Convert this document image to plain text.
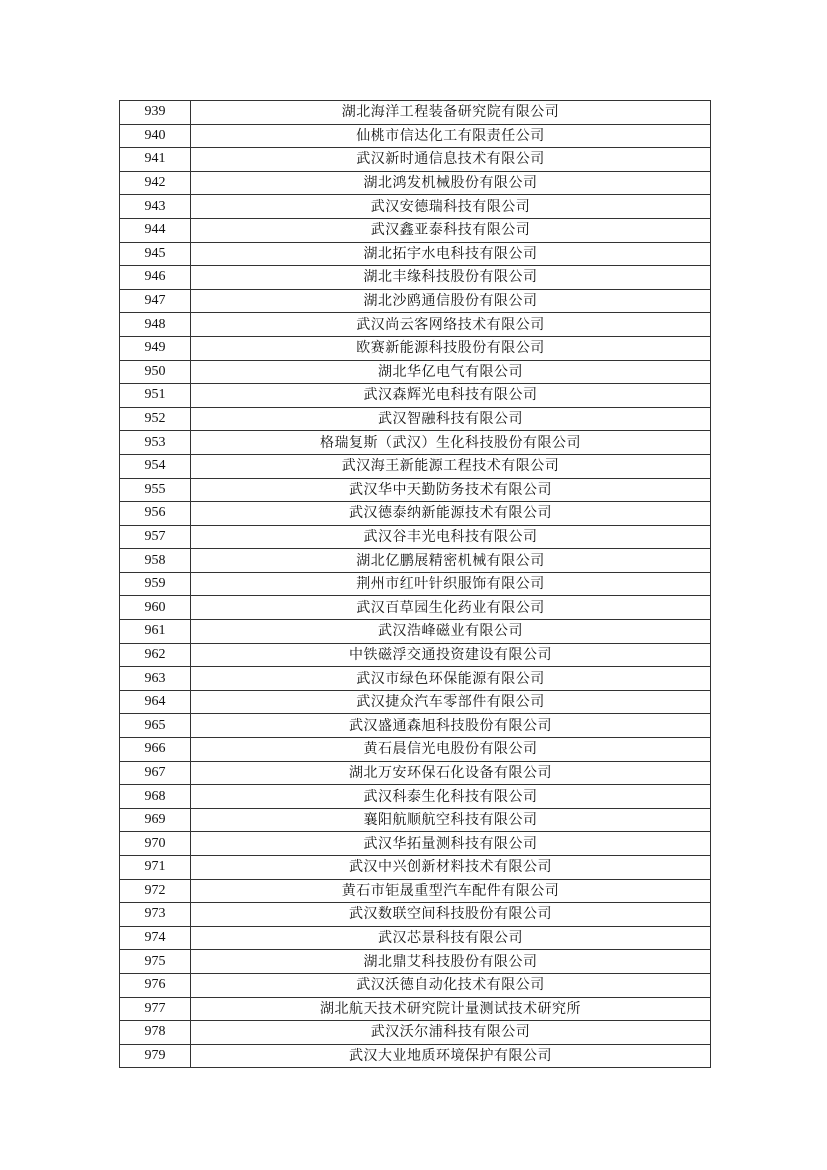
939	湖北海洋工程装备研究院有限公司
940	仙桃市信达化工有限责任公司
941	武汉新时通信息技术有限公司
942	湖北鸿发机械股份有限公司
943	武汉安德瑞科技有限公司
944	武汉鑫亚泰科技有限公司
945	湖北拓宇水电科技有限公司
946	湖北丰缘科技股份有限公司
947	湖北沙鸥通信股份有限公司
948	武汉尚云客网络技术有限公司
949	欧赛新能源科技股份有限公司
950	湖北华亿电气有限公司
951	武汉森辉光电科技有限公司
952	武汉智融科技有限公司
953	格瑞复斯（武汉）生化科技股份有限公司
954	武汉海王新能源工程技术有限公司
955	武汉华中天勤防务技术有限公司
956	武汉德泰纳新能源技术有限公司
957	武汉谷丰光电科技有限公司
958	湖北亿鹏展精密机械有限公司
959	荆州市红叶针织服饰有限公司
960	武汉百草园生化药业有限公司
961	武汉浩峰磁业有限公司
962	中铁磁浮交通投资建设有限公司
963	武汉市绿色环保能源有限公司
964	武汉捷众汽车零部件有限公司
965	武汉盛通森旭科技股份有限公司
966	黄石晨信光电股份有限公司
967	湖北万安环保石化设备有限公司
968	武汉科泰生化科技有限公司
969	襄阳航顺航空科技有限公司
970	武汉华拓量测科技有限公司
971	武汉中兴创新材料技术有限公司
972	黄石市钜晟重型汽车配件有限公司
973	武汉数联空间科技股份有限公司
974	武汉芯景科技有限公司
975	湖北鼎艾科技股份有限公司
976	武汉沃德自动化技术有限公司
977	湖北航天技术研究院计量测试技术研究所
978	武汉沃尔浦科技有限公司
979	武汉大业地质环境保护有限公司
